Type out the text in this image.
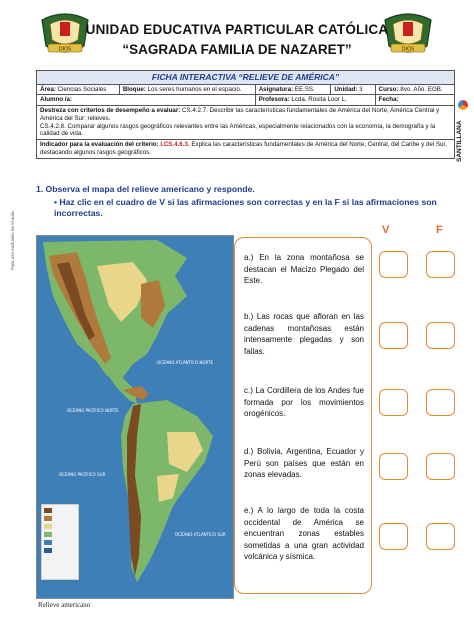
DIOS	DIOS
UNIDAD EDUCATIVA PARTICULAR CATÓLICA
“SAGRADA FAMILIA DE NAZARET”
FICHA INTERACTIVA “RELIEVE DE AMÉRICA”				
Área: Ciencias Sociales	Bloque: Los seres humanos en el espacio.	Asignatura: EE.SS.	Unidad: 3	Curso: 8vo. Año. EGB.
Alumno /a:		Profesora: Lcda. Rosita Loor L.		Fecha:
Destreza con criterios de desempeño a evaluar: CS.4.2.7. Describir las características fundamentales de América del Norte, América Central y América del Sur: relieves.
CS.4.2.8. Comparar algunos rasgos geográficos relevantes entre las Américas, especialmente relacionados con la economía, la demografía y la calidad de vida.				
Indicador para la evaluación del criterio: I.CS.4.6.3. Explica las características fundamentales de América del Norte, Central, del Caribe y del Sur, destacando algunos rasgos geográficos.				
Para uso exclusivo en el aula.
SANTILLANA
1. Observa el mapa del relieve americano y responde.
• Haz clic en el cuadro de V si las afirmaciones son correctas y en la F si las afirmaciones son incorrectas.
V	F
OCÉANO PACÍFICO NORTE
OCÉANO ATLÁNTICO NORTE
OCÉANO PACÍFICO SUR
OCÉANO ATLÁNTICO SUR
Relieve americano
a.) En la zona montañosa se destacan el Macizo Plegado del Este.
b.) Las rocas que afloran en las cadenas montañosas están intensamente plegadas y son fallas.
c.) La Cordillera de los Andes fue formada por los movimientos orogénicos.
d.) Bolivia, Argentina, Ecuador y Perú son países que están en zonas elevadas.
e.) A lo largo de toda la costa occidental de América se encuentran zonas estables sometidas a una gran actividad volcánica y sísmica.
